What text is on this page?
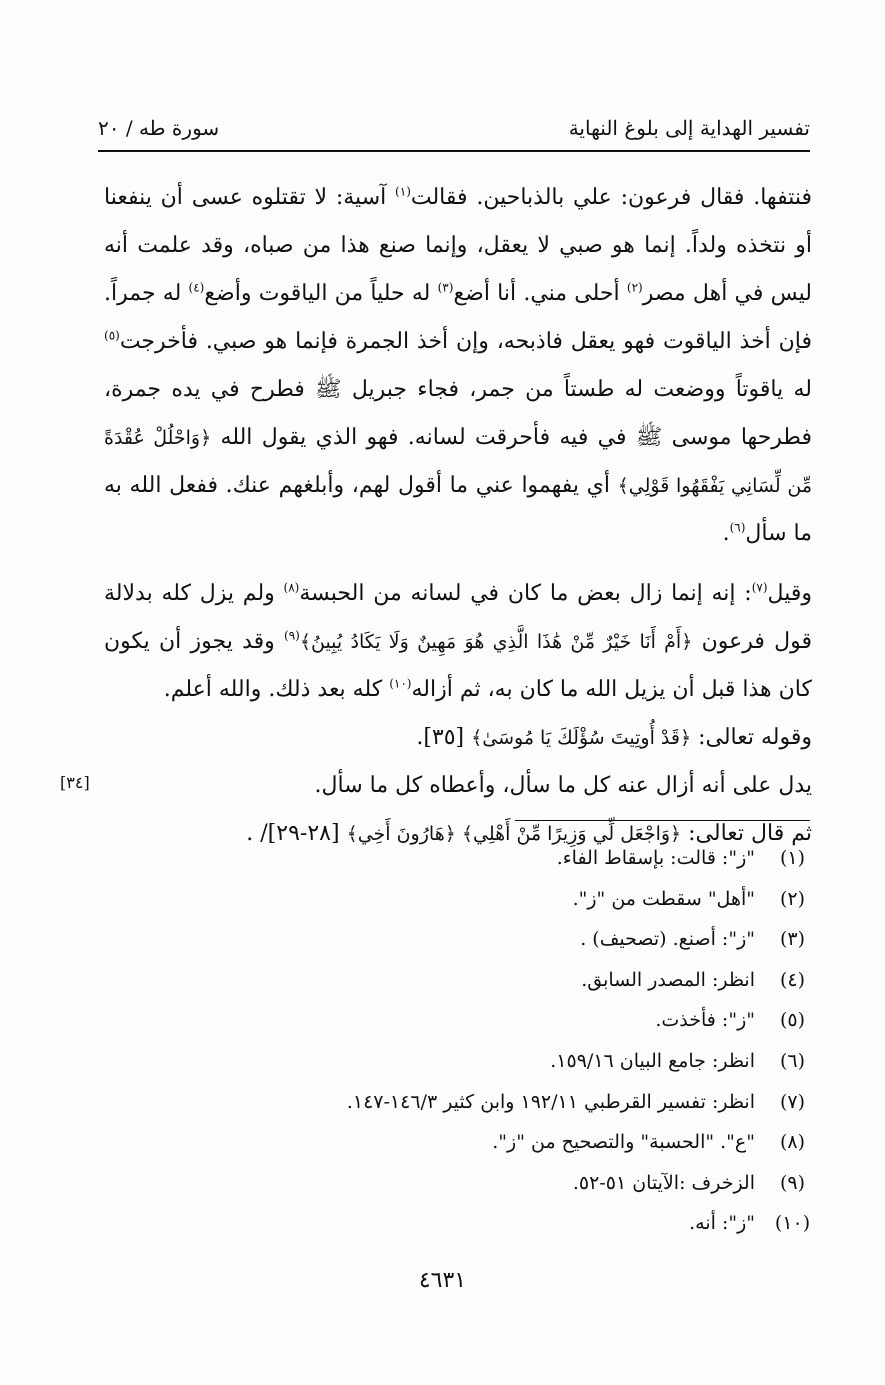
تفسير الهداية إلى بلوغ النهاية
سورة طه / ٢٠

فنتفها. فقال فرعون: علي بالذباحين. فقالت$^{(١)}$ آسية: لا تقتلوه عسى أن ينفعنا أو نتخذه ولداً. إنما هو صبي لا يعقل، وإنما صنع هذا من صباه، وقد علمت أنه ليس في أهل مصر$^{(٢)}$ أحلى مني. أنا أضع$^{(٣)}$ له حلياً من الياقوت وأضع$^{(٤)}$ له جمراً. فإن أخذ الياقوت فهو يعقل فاذبحه، وإن أخذ الجمرة فإنما هو صبي. فأخرجت$^{(٥)}$ له ياقوتاً ووضعت له طستاً من جمر، فجاء جبريل ﷺ فطرح في يده جمرة، فطرحها موسى ﷺ في فيه فأحرقت لسانه. فهو الذي يقول الله ﴿وَاحْلُلْ عُقْدَةً مِّن لِّسَانِي يَفْقَهُوا قَوْلِي﴾ أي يفهموا عني ما أقول لهم، وأبلغهم عنك. ففعل الله به ما سأل$^{(٦)}$.

وقيل$^{(٧)}$: إنه إنما زال بعض ما كان في لسانه من الحبسة$^{(٨)}$ ولم يزل كله بدلالة قول فرعون ﴿أَمْ أَنَا خَيْرٌ مِّنْ هَٰذَا الَّذِي هُوَ مَهِينٌ وَلَا يَكَادُ يُبِينُ﴾$^{(٩)}$ وقد يجوز أن يكون كان هذا قبل أن يزيل الله ما كان به، ثم أزاله$^{(١٠)}$ كله بعد ذلك. والله أعلم.

وقوله تعالى: ﴿قَدْ أُوتِيتَ سُؤْلَكَ يَا مُوسَىٰ﴾ [٣٥].

يدل على أنه أزال عنه كل ما سأل، وأعطاه كل ما سأل.

ثم قال تعالى: ﴿وَاجْعَل لِّي وَزِيرًا مِّنْ أَهْلِي﴾ ﴿هَارُونَ أَخِي﴾ [٢٨-٢٩]/ .

[٣٤]
(١)
"ز": قالت: بإسقاط الفاء.
(٢)
"أهل" سقطت من "ز".
(٣)
"ز": أصنع. (تصحيف) .
(٤)
انظر: المصدر السابق.
(٥)
"ز": فأخذت.
(٦)
انظر: جامع البيان ١٥٩/١٦.
(٧)
انظر: تفسير القرطبي ١٩٢/١١ وابن كثير ١٤٦/٣-١٤٧.
(٨)
"ع". "الحسبة" والتصحيح من "ز".
(٩)
الزخرف :الآيتان ٥١-٥٢.
(١٠)
"ز": أنه.
٤٦٣١
